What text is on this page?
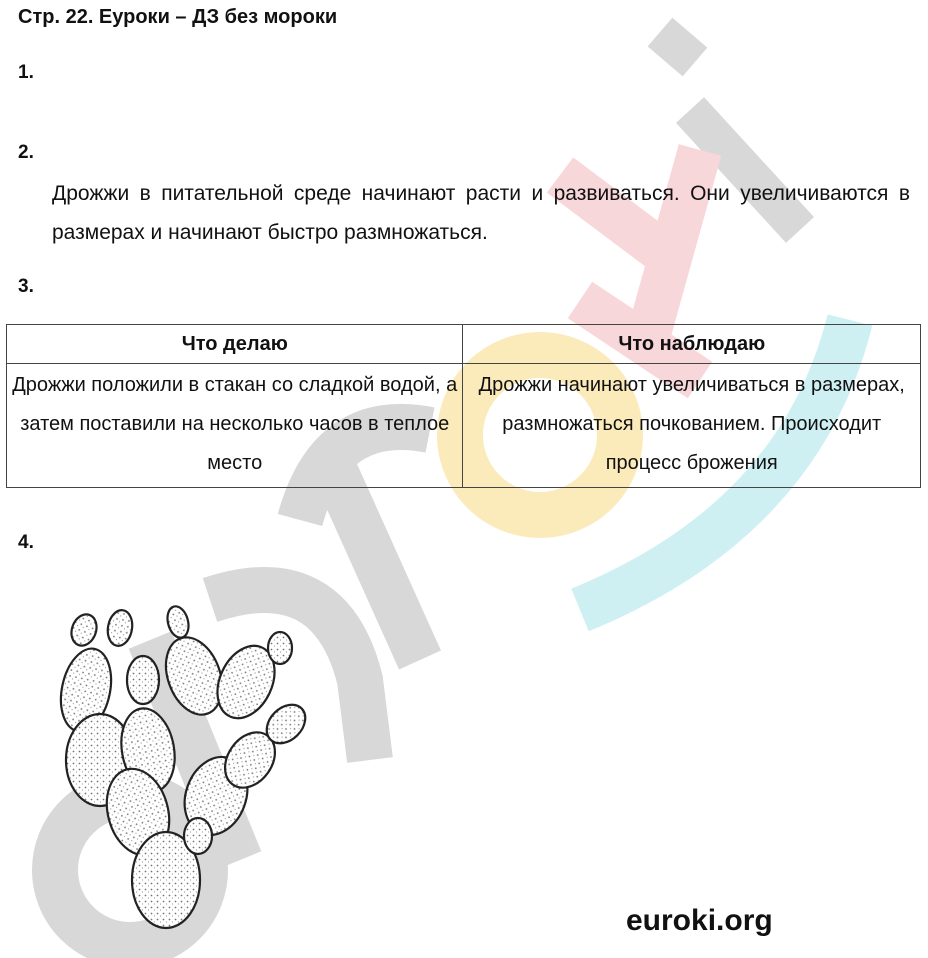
Стр. 22. Еуроки – ДЗ без мороки
1.
2.
Дрожжи в питательной среде начинают расти и развиваться. Они увеличиваются в размерах и начинают быстро размножаться.
3.
Что делаю	Что наблюдаю
Дрожжи положили в стакан со сладкой водой, а затем поставили на несколько часов в теплое место	Дрожжи начинают увеличиваться в размерах, размножаться почкованием. Происходит процесс брожения
4.
euroki.org
